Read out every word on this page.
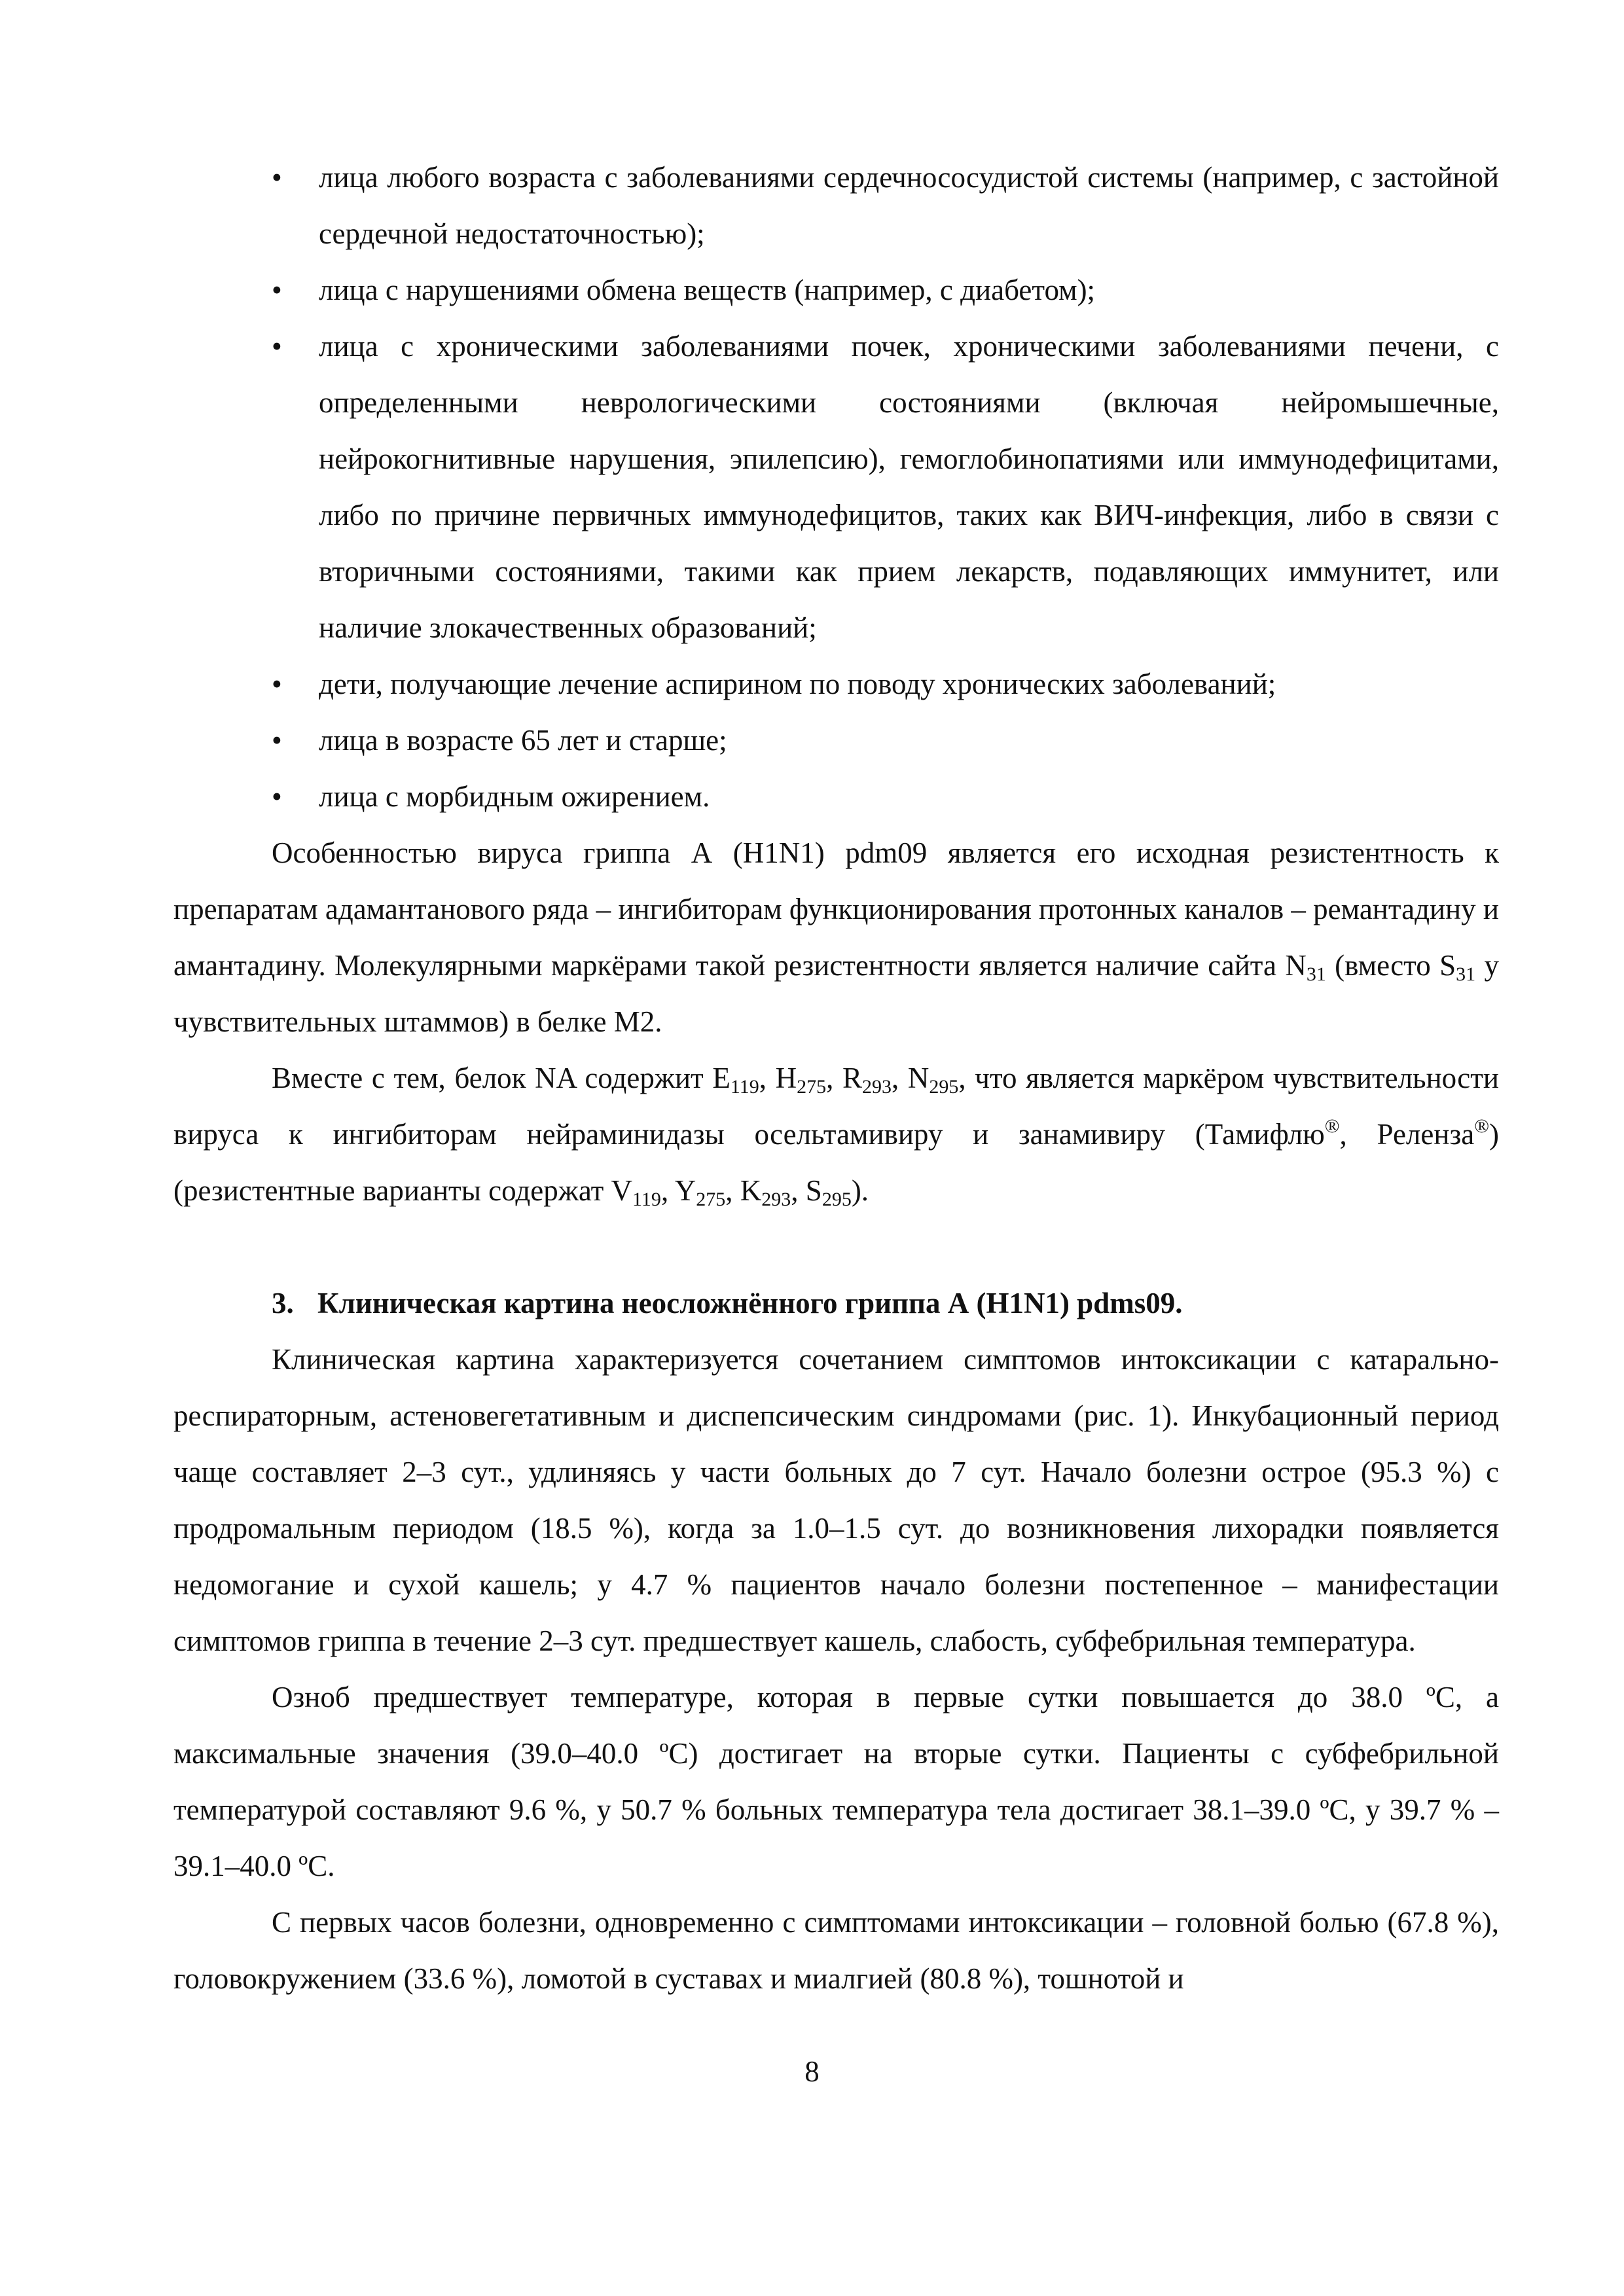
•	лица любого возраста с заболеваниями сердечнососудистой системы (например, с застойной сердечной недостаточностью);
•	лица с нарушениями обмена веществ (например, с диабетом);
•	лица с хроническими заболеваниями почек, хроническими заболеваниями печени, с определенными неврологическими состояниями (включая нейромышечные, нейрокогнитивные нарушения, эпилепсию), гемоглобинопатиями или иммунодефицитами, либо по причине первичных иммунодефицитов, таких как ВИЧ-инфекция, либо в связи с вторичными состояниями, такими как прием лекарств, подавляющих иммунитет, или наличие злокачественных образований;
•	дети, получающие лечение аспирином по поводу хронических заболеваний;
•	лица в возрасте 65 лет и старше;
•	лица с морбидным ожирением.

Особенностью вируса гриппа А (H1N1) pdm09 является его исходная резистентность к препаратам адамантанового ряда – ингибиторам функционирования протонных каналов – ремантадину и амантадину. Молекулярными маркёрами такой резистентности является наличие сайта $N_{31}$ (вместо $S_{31}$ у чувствительных штаммов) в белке М2.

Вместе с тем, белок NA содержит $E_{119}$, $H_{275}$, $R_{293}$, $N_{295}$, что является маркёром чувствительности вируса к ингибиторам нейраминидазы осельтамивиру и занамивиру (Тамифлю®, Реленза®) (резистентные варианты содержат $V_{119}$, $Y_{275}$, $K_{293}$, $S_{295}$).

3. Клиническая картина неосложнённого гриппа А (H1N1) pdms09.

Клиническая картина характеризуется сочетанием симптомов интоксикации с катарально-респираторным, астеновегетативным и диспепсическим синдромами (рис. 1). Инкубационный период чаще составляет 2–3 сут., удлиняясь у части больных до 7 сут. Начало болезни острое (95.3 %) с продромальным периодом (18.5 %), когда за 1.0–1.5 сут. до возникновения лихорадки появляется недомогание и сухой кашель; у 4.7 % пациентов начало болезни постепенное – манифестации симптомов гриппа в течение 2–3 сут. предшествует кашель, слабость, субфебрильная температура.

Озноб предшествует температуре, которая в первые сутки повышается до 38.0 ºС, а максимальные значения (39.0–40.0 ºС) достигает на вторые сутки. Пациенты с субфебрильной температурой составляют 9.6 %, у 50.7 % больных температура тела достигает 38.1–39.0 ºС, у 39.7 % – 39.1–40.0 ºС.

С первых часов болезни, одновременно с симптомами интоксикации – головной болью (67.8 %), головокружением (33.6 %), ломотой в суставах и миалгией (80.8 %), тошнотой и

8
